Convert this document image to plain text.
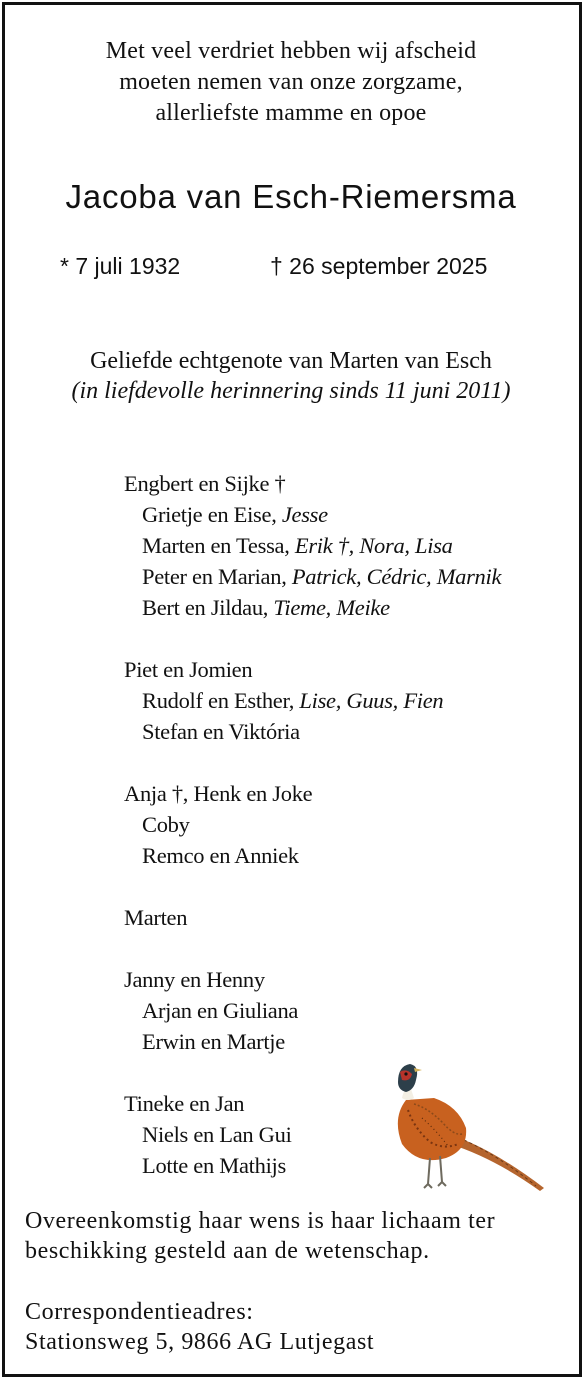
Met veel verdriet hebben wij afscheid
moeten nemen van onze zorgzame,
allerliefste mamme en opoe
Jacoba van Esch-Riemersma
* 7 juli 1932	† 26 september 2025
Geliefde echtgenote van Marten van Esch
(in liefdevolle herinnering sinds 11 juni 2011)
Engbert en Sijke †
Grietje en Eise, Jesse
Marten en Tessa, Erik †, Nora, Lisa
Peter en Marian, Patrick, Cédric, Marnik
Bert en Jildau, Tieme, Meike
Piet en Jomien
Rudolf en Esther, Lise, Guus, Fien
Stefan en Viktória
Anja †, Henk en Joke
Coby
Remco en Anniek
Marten
Janny en Henny
Arjan en Giuliana
Erwin en Martje
Tineke en Jan
Niels en Lan Gui
Lotte en Mathijs
Overeenkomstig haar wens is haar lichaam ter
beschikking gesteld aan de wetenschap.
Correspondentieadres:
Stationsweg 5, 9866 AG Lutjegast
